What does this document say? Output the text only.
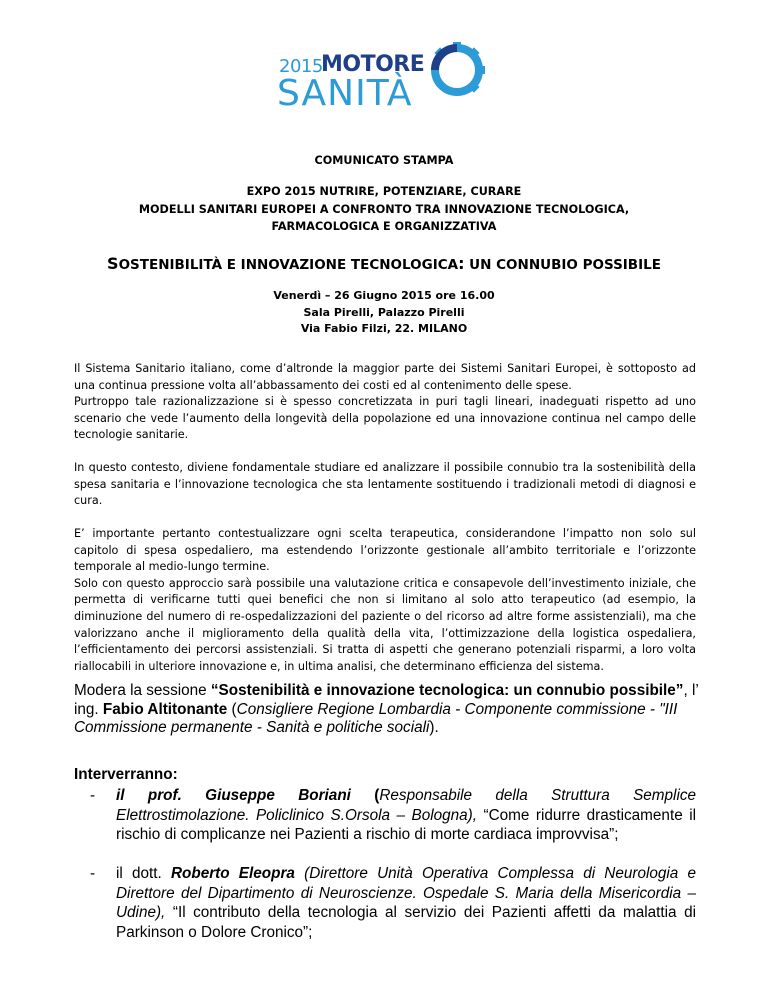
2015
MOTORE
SANITÀ
COMUNICATO STAMPA
EXPO 2015 NUTRIRE, POTENZIARE, CURARE
MODELLI SANITARI EUROPEI A CONFRONTO TRA INNOVAZIONE TECNOLOGICA,
FARMACOLOGICA E ORGANIZZATIVA
SOSTENIBILITÀ E INNOVAZIONE TECNOLOGICA: UN CONNUBIO POSSIBILE
Venerdì – 26 Giugno 2015 ore 16.00
Sala Pirelli, Palazzo Pirelli
Via Fabio Filzi, 22. MILANO

Il Sistema Sanitario italiano, come d’altronde la maggior parte dei Sistemi Sanitari Europei, è sottoposto ad una continua pressione volta all’abbassamento dei costi ed al contenimento delle spese.

Purtroppo tale razionalizzazione si è spesso concretizzata in puri tagli lineari, inadeguati rispetto ad uno scenario che vede l’aumento della longevità della popolazione ed una innovazione continua nel campo delle tecnologie sanitarie.

In questo contesto, diviene fondamentale studiare ed analizzare il possibile connubio tra la sostenibilità della spesa sanitaria e l’innovazione tecnologica che sta lentamente sostituendo i tradizionali metodi di diagnosi e cura.

E’ importante pertanto contestualizzare ogni scelta terapeutica, considerandone l’impatto non solo sul capitolo di spesa ospedaliero, ma estendendo l’orizzonte gestionale all’ambito territoriale e l’orizzonte temporale al medio-lungo termine.

Solo con questo approccio sarà possibile una valutazione critica e consapevole dell’investimento iniziale, che permetta di verificarne tutti quei benefici che non si limitano al solo atto terapeutico (ad esempio, la diminuzione del numero di re-ospedalizzazioni del paziente o del ricorso ad altre forme assistenziali), ma che valorizzano anche il miglioramento della qualità della vita, l’ottimizzazione della logistica ospedaliera, l’efficientamento dei percorsi assistenziali. Si tratta di aspetti che generano potenziali risparmi, a loro volta riallocabili in ulteriore innovazione e, in ultima analisi, che determinano efficienza del sistema.

Modera la sessione “Sostenibilità e innovazione tecnologica: un connubio possibile”, l’ ing. Fabio Altitonante (Consigliere Regione Lombardia - Componente commissione - "III Commissione permanente - Sanità e politiche sociali).
Interverranno:
- il prof. Giuseppe Boriani (Responsabile della Struttura Semplice Elettrostimolazione. Policlinico S.Orsola – Bologna), “Come ridurre drasticamente il rischio di complicanze nei Pazienti a rischio di morte cardiaca improvvisa”;
- il dott. Roberto Eleopra (Direttore Unità Operativa Complessa di Neurologia e Direttore del Dipartimento di Neuroscienze. Ospedale S. Maria della Misericordia – Udine), “Il contributo della tecnologia al servizio dei Pazienti affetti da malattia di Parkinson o Dolore Cronico”;
